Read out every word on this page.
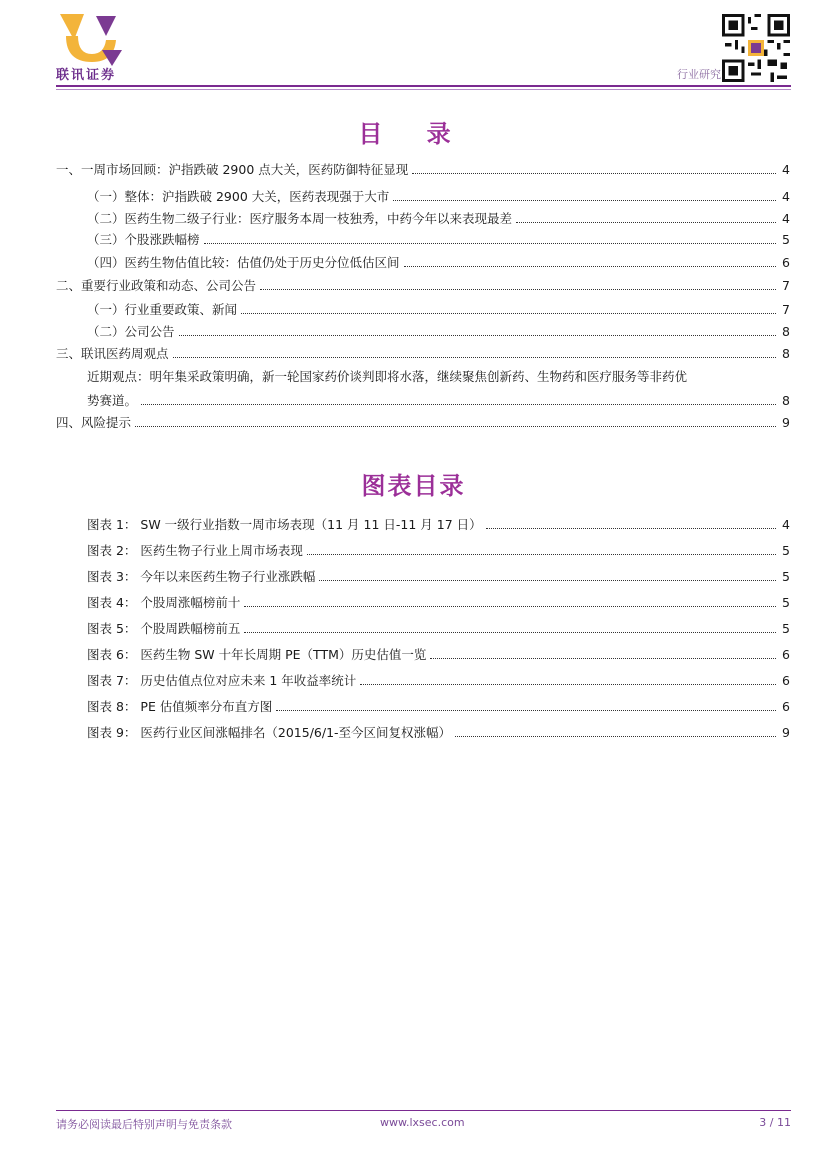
联讯证券	行业研究
目 录
一、一周市场回顾：沪指跌破 2900 点大关，医药防御特征显现	4
（一）整体：沪指跌破 2900 大关，医药表现强于大市	4
（二）医药生物二级子行业：医疗服务本周一枝独秀，中药今年以来表现最差	4
（三）个股涨跌幅榜	5
（四）医药生物估值比较：估值仍处于历史分位低估区间	6
二、重要行业政策和动态、公司公告	7
（一）行业重要政策、新闻	7
（二）公司公告	8
三、联讯医药周观点	8
近期观点：明年集采政策明确，新一轮国家药价谈判即将水落，继续聚焦创新药、生物药和医疗服务等非药优
势赛道。	8
四、风险提示	9
图表目录
图表 1： SW 一级行业指数一周市场表现（11 月 11 日-11 月 17 日）	4
图表 2： 医药生物子行业上周市场表现	5
图表 3： 今年以来医药生物子行业涨跌幅	5
图表 4： 个股周涨幅榜前十	5
图表 5： 个股周跌幅榜前五	5
图表 6： 医药生物 SW 十年长周期 PE（TTM）历史估值一览	6
图表 7： 历史估值点位对应未来 1 年收益率统计	6
图表 8： PE 估值频率分布直方图	6
图表 9： 医药行业区间涨幅排名（2015/6/1-至今区间复权涨幅）	9
请务必阅读最后特别声明与免责条款	www.lxsec.com	3 / 11
